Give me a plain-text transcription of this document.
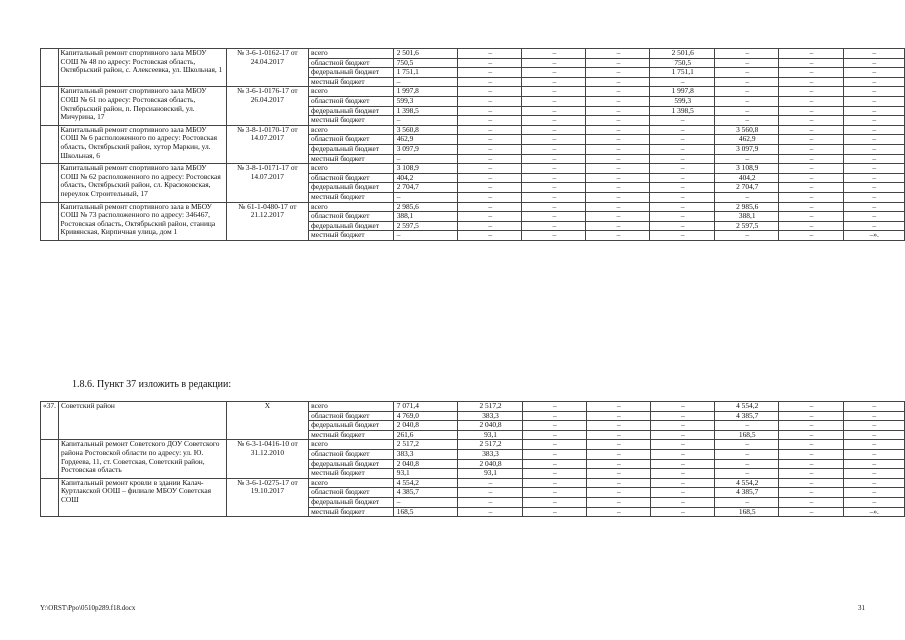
	Капитальный ремонт спортивного зала МБОУ СОШ № 48 по адресу: Ростовская область, Октябрьский район, с. Алексеевка, ул. Школьная, 1	№ 3-6-1-0162-17 от 24.04.2017	всего	2 501,6	–	–	–	2 501,6	–	–	–
			областной бюджет	750,5	–	–	–	750,5	–	–	–
			федеральный бюджет	1 751,1	–	–	–	1 751,1	–	–	–
			местный бюджет	–	–	–	–	–	–	–	–
	Капитальный ремонт спортивного зала МБОУ СОШ № 61 по адресу: Ростовская область, Октябрьский район, п. Персиановский, ул. Мичурина, 17	№ 3-6-1-0176-17 от 26.04.2017	всего	1 997,8	–	–	–	1 997,8	–	–	–
			областной бюджет	599,3	–	–	–	599,3	–	–	–
			федеральный бюджет	1 398,5	–	–	–	1 398,5	–	–	–
			местный бюджет	–	–	–	–	–	–	–	–
	Капитальный ремонт спортивного зала МБОУ СОШ № 6 расположенного по адресу: Ростовская область, Октябрьский район, хутор Маркин, ул. Школьная, 6	№ 3-8-1-0170-17 от 14.07.2017	всего	3 560,8	–	–	–	–	3 560,8	–	–
			областной бюджет	462,9	–	–	–	–	462,9	–	–
			федеральный бюджет	3 097,9	–	–	–	–	3 097,9	–	–
			местный бюджет	–	–	–	–	–	–	–	–
	Капитальный ремонт спортивного зала МБОУ СОШ № 62 расположенного по адресу: Ростовская область, Октябрьский район, сл. Красюковская, переулок Строительный, 17	№ 3-8-1-0171-17 от 14.07.2017	всего	3 108,9	–	–	–	–	3 108,9	–	–
			областной бюджет	404,2	–	–	–	–	404,2	–	–
			федеральный бюджет	2 704,7	–	–	–	–	2 704,7	–	–
			местный бюджет	–	–	–	–	–	–	–	–
	Капитальный ремонт спортивного зала в МБОУ СОШ № 73 расположенного по адресу: 346467, Ростовская область, Октябрьский район, станица Кривянская, Кирпичная улица, дом 1	№ 61-1-0480-17 от 21.12.2017	всего	2 985,6	–	–	–	–	2 985,6	–	–
			областной бюджет	388,1	–	–	–	–	388,1	–	–
			федеральный бюджет	2 597,5	–	–	–	–	2 597,5	–	–
			местный бюджет	–	–	–	–	–	–	–	–».
1.8.6. Пункт 37 изложить в редакции:
«37.	Советский район	Х	всего	7 071,4	2 517,2	–	–	–	4 554,2	–	–
			областной бюджет	4 769,0	383,3	–	–	–	4 385,7	–	–
			федеральный бюджет	2 040,8	2 040,8	–	–	–	–	–	–
			местный бюджет	261,6	93,1	–	–	–	168,5	–	–
	Капитальный ремонт Советского ДОУ Советского района Ростовской области по адресу: ул. Ю. Гордеева, 11, ст. Советская, Советский район, Ростовская область	№ 6-3-1-0416-10 от 31.12.2010	всего	2 517,2	2 517,2	–	–	–	–	–	–
			областной бюджет	383,3	383,3	–	–	–	–	–	–
			федеральный бюджет	2 040,8	2 040,8	–	–	–	–	–	–
			местный бюджет	93,1	93,1	–	–	–	–	–	–
	Капитальный ремонт кровли в здании Калач-Куртлакской ООШ – филиале МБОУ Советская СОШ	№ 3-6-1-0275-17 от 19.10.2017	всего	4 554,2	–	–	–	–	4 554,2	–	–
			областной бюджет	4 385,7	–	–	–	–	4 385,7	–	–
			федеральный бюджет	–	–	–	–	–	–	–	–
			местный бюджет	168,5	–	–	–	–	168,5	–	–».
Y:\ORST\Ppo\0510p289.f18.docx	31
